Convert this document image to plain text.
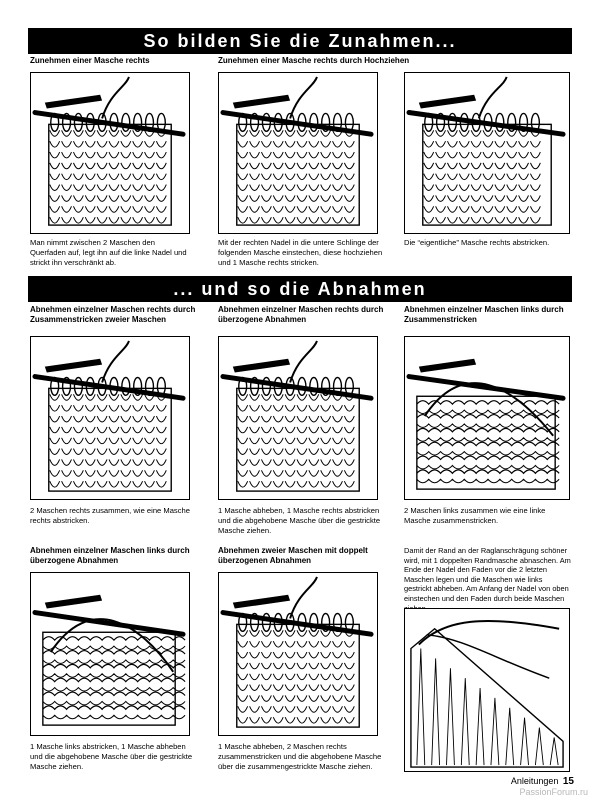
So bilden Sie die Zunahmen...
Zunehmen einer Masche rechts	Zunehmen einer Masche rechts durch Hochziehen
Man nimmt zwischen 2 Maschen den Querfaden auf, legt ihn auf die linke Nadel und strickt ihn verschränkt ab.
Mit der rechten Nadel in die untere Schlinge der folgenden Masche einstechen, diese hochziehen und 1 Masche rechts stricken.
Die “eigentliche” Masche rechts abstricken.
... und so die Abnahmen
Abnehmen einzelner Maschen rechts durch Zusammenstricken zweier Maschen
Abnehmen einzelner Maschen rechts durch überzogene Abnahmen
Abnehmen einzelner Maschen links durch Zusammenstricken
2 Maschen rechts zusammen, wie eine Masche rechts abstricken.
1 Masche abheben, 1 Masche rechts abstricken und die abgehobene Masche über die gestrickte Masche ziehen.
2 Maschen links zusammen wie eine linke Masche zusammenstricken.
Abnehmen einzelner Maschen links durch überzogene Abnahmen
Abnehmen zweier Maschen mit doppelt überzogenen Abnahmen
Damit der Rand an der Raglanschrägung schöner wird, mit 1 doppelten Randmasche abnaschen. Am Ende der Nadel den Faden vor die 2 letzten Maschen legen und die Maschen wie links gestrickt abheben. Am Anfang der Nadel von oben einstechen und den Faden durch beide Maschen
1 Masche links abstricken, 1 Masche abheben und die abgehobene Masche über die gestrickte Masche ziehen.
1 Masche abheben, 2 Maschen rechts zusammenstricken und die abgehobene Masche über die zusammengestrickte Masche ziehen.
Anleitungen 15
PassionForum.ru
